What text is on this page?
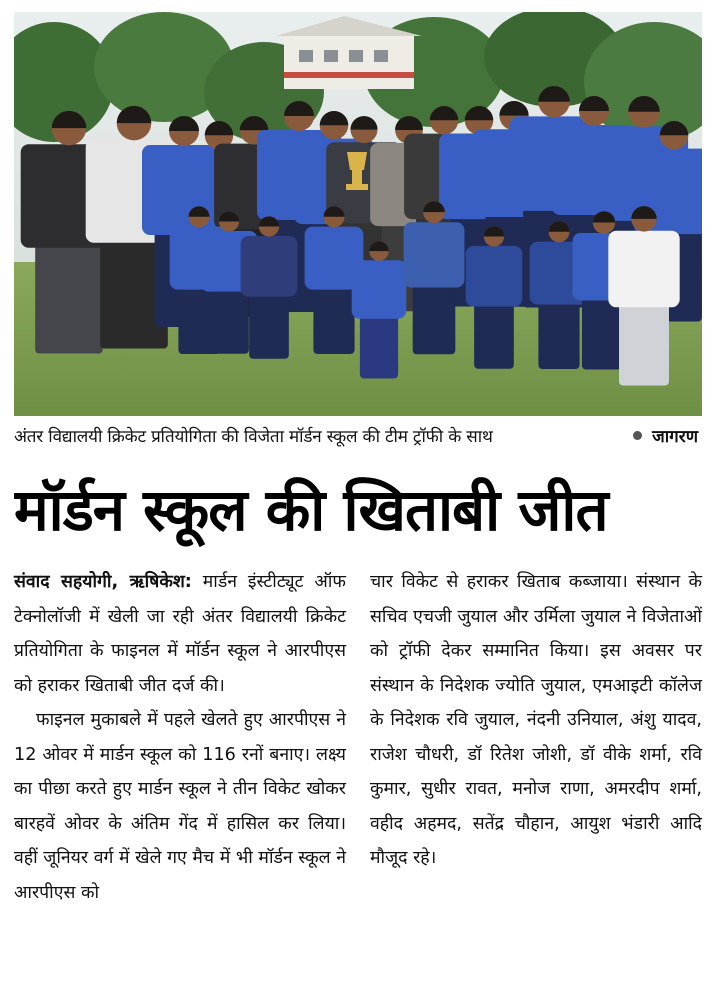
अंतर विद्यालयी क्रिकेट प्रतियोगिता की विजेता मॉर्डन स्कूल की टीम ट्रॉफी के साथ	जागरण
मॉर्डन स्कूल की खिताबी जीत

संवाद सहयोगी, ऋषिकेश: मार्डन इंस्टीट्यूट ऑफ टेक्नोलॉजी में खेली जा रही अंतर विद्यालयी क्रिकेट प्रतियोगिता के फाइनल में मॉर्डन स्कूल ने आरपीएस को हराकर खिताबी जीत दर्ज की।

फाइनल मुकाबले में पहले खेलते हुए आरपीएस ने 12 ओवर में मार्डन स्कूल को 116 रनों बनाए। लक्ष्य का पीछा करते हुए मार्डन स्कूल ने तीन विकेट खोकर बारहवें ओवर के अंतिम गेंद में हासिल कर लिया। वहीं जूनियर वर्ग में खेले गए मैच में भी मॉर्डन स्कूल ने आरपीएस को

चार विकेट से हराकर खिताब कब्जाया। संस्थान के सचिव एचजी जुयाल और उर्मिला जुयाल ने विजेताओं को ट्रॉफी देकर सम्मानित किया। इस अवसर पर संस्थान के निदेशक ज्योति जुयाल, एमआइटी कॉलेज के निदेशक रवि जुयाल, नंदनी उनियाल, अंशु यादव, राजेश चौधरी, डॉ रितेश जोशी, डॉ वीके शर्मा, रवि कुमार, सुधीर रावत, मनोज राणा, अमरदीप शर्मा, वहीद अहमद, सतेंद्र चौहान, आयुश भंडारी आदि मौजूद रहे।
